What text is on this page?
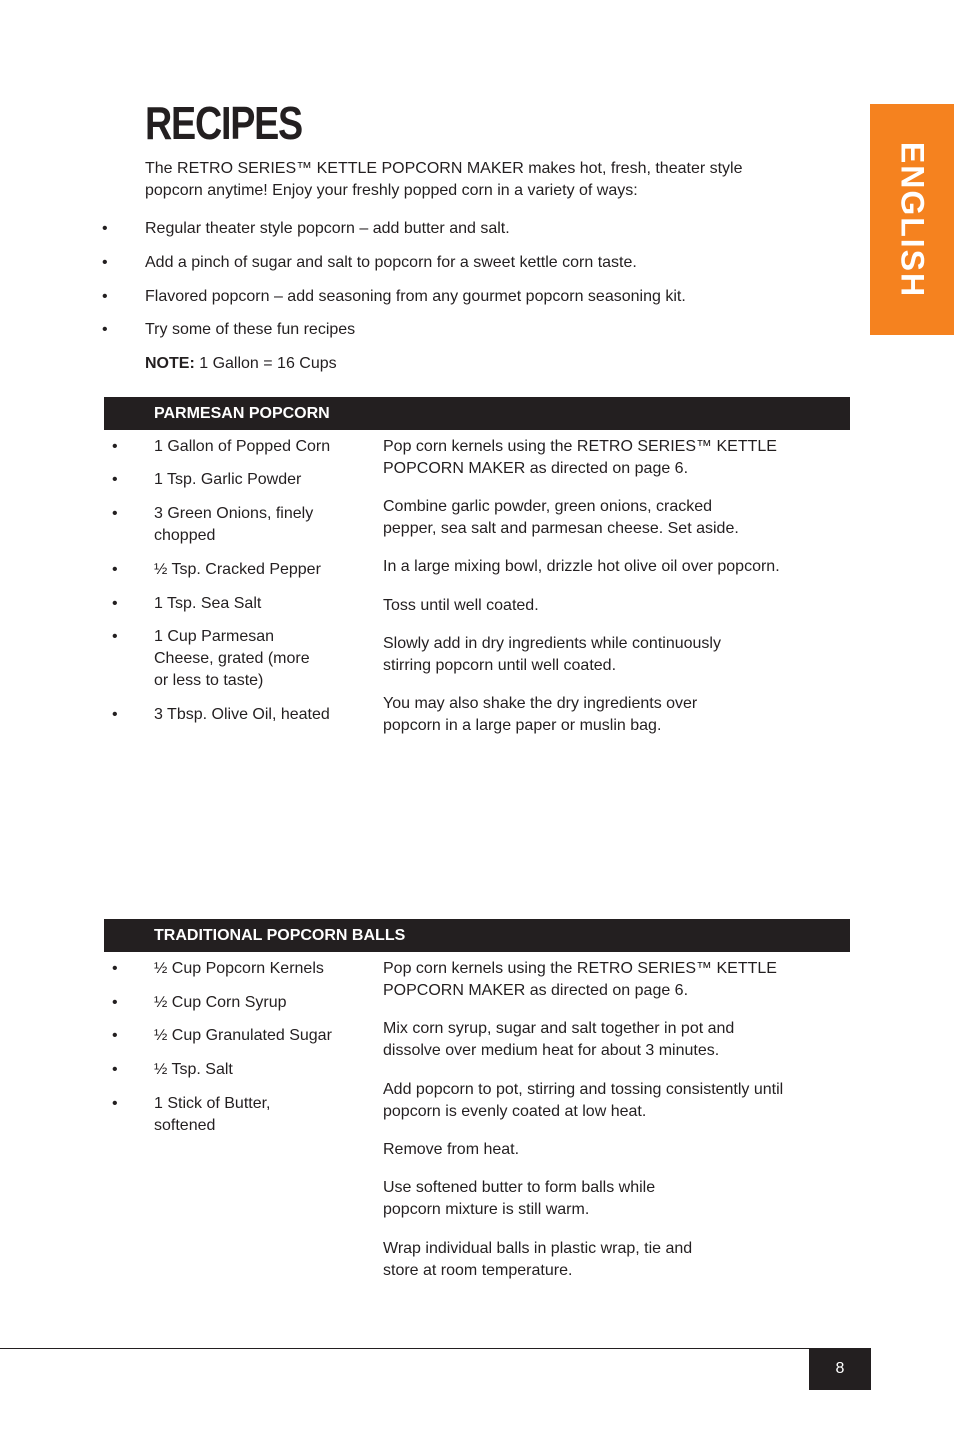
RECIPES

The RETRO SERIES™ KETTLE POPCORN MAKER makes hot, fresh, theater style popcorn anytime! Enjoy your freshly popped corn in a variety of ways:

• Regular theater style popcorn – add butter and salt.
• Add a pinch of sugar and salt to popcorn for a sweet kettle corn taste.
• Flavored popcorn – add seasoning from any gourmet popcorn seasoning kit.
• Try some of these fun recipes

NOTE: 1 Gallon = 16 Cups

PARMESAN POPCORN
• 1 Gallon of Popped Corn
• 1 Tsp. Garlic Powder
• 3 Green Onions, finely chopped
• ½ Tsp. Cracked Pepper
• 1 Tsp. Sea Salt
• 1 Cup Parmesan Cheese, grated (more or less to taste)
• 3 Tbsp. Olive Oil, heated
Pop corn kernels using the RETRO SERIES™ KETTLE POPCORN MAKER as directed on page 6.
Combine garlic powder, green onions, cracked pepper, sea salt and parmesan cheese. Set aside.
In a large mixing bowl, drizzle hot olive oil over popcorn.
Toss until well coated.
Slowly add in dry ingredients while continuously stirring popcorn until well coated.
You may also shake the dry ingredients over popcorn in a large paper or muslin bag.
TRADITIONAL POPCORN BALLS
• ½ Cup Popcorn Kernels
• ½ Cup Corn Syrup
• ½ Cup Granulated Sugar
• ½ Tsp. Salt
• 1 Stick of Butter, softened
Pop corn kernels using the RETRO SERIES™ KETTLE POPCORN MAKER as directed on page 6.
Mix corn syrup, sugar and salt together in pot and dissolve over medium heat for about 3 minutes.
Add popcorn to pot, stirring and tossing consistently until popcorn is evenly coated at low heat.
Remove from heat.
Use softened butter to form balls while popcorn mixture is still warm.
Wrap individual balls in plastic wrap, tie and store at room temperature.
ENGLISH
8
